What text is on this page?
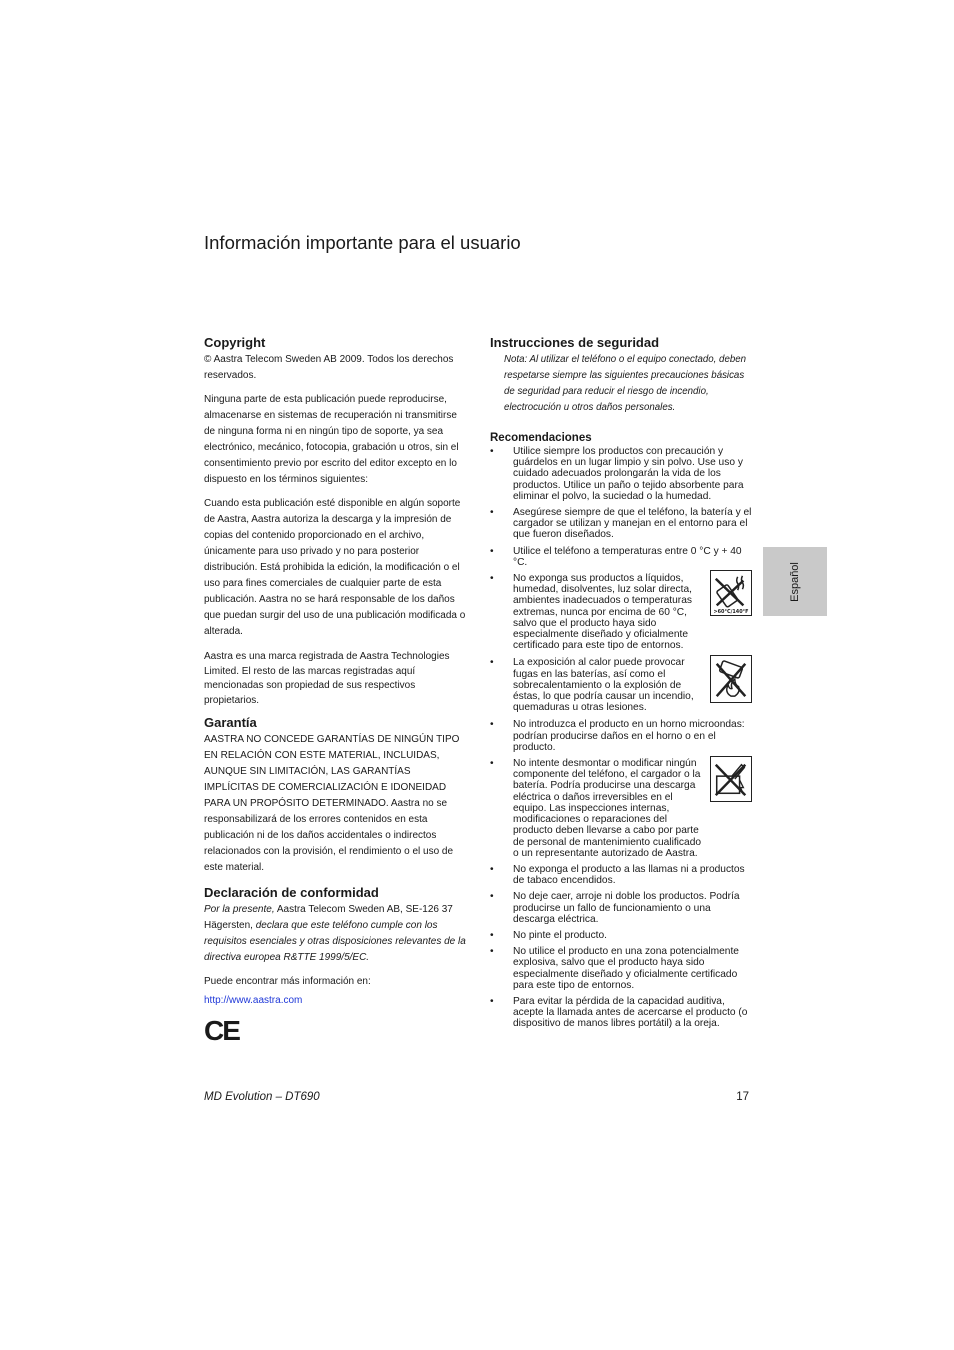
Información importante para el usuario
Español
Copyright

© Aastra Telecom Sweden AB 2009. Todos los derechos reservados.

Ninguna parte de esta publicación puede reproducirse, almacenarse en sistemas de recuperación ni transmitirse de ninguna forma ni en ningún tipo de soporte, ya sea electrónico, mecánico, fotocopia, grabación u otros, sin el consentimiento previo por escrito del editor excepto en lo dispuesto en los términos siguientes:

Cuando esta publicación esté disponible en algún soporte de Aastra, Aastra autoriza la descarga y la impresión de copias del contenido proporcionado en el archivo, únicamente para uso privado y no para posterior distribución. Está prohibida la edición, la modificación o el uso para fines comerciales de cualquier parte de esta publicación. Aastra no se hará responsable de los daños que puedan surgir del uso de una publicación modificada o alterada.

Aastra es una marca registrada de Aastra Technologies Limited. El resto de las marcas registradas aquí mencionadas son propiedad de sus respectivos propietarios.

Garantía

AASTRA NO CONCEDE GARANTÍAS DE NINGÚN TIPO EN RELACIÓN CON ESTE MATERIAL, INCLUIDAS, AUNQUE SIN LIMITACIÓN, LAS GARANTÍAS IMPLÍCITAS DE COMERCIALIZACIÓN E IDONEIDAD PARA UN PROPÓSITO DETERMINADO. Aastra no se responsabilizará de los errores contenidos en esta publicación ni de los daños accidentales o indirectos relacionados con la provisión, el rendimiento o el uso de este material.

Declaración de conformidad

Por la presente, Aastra Telecom Sweden AB, SE-126 37 Hägersten, declara que este teléfono cumple con los requisitos esenciales y otras disposiciones relevantes de la directiva europea R&TTE 1999/5/EC.

Puede encontrar más información en:

http://www.aastra.com
CE
Instrucciones de seguridad

Nota: Al utilizar el teléfono o el equipo conectado, deben respetarse siempre las siguientes precauciones básicas de seguridad para reducir el riesgo de incendio, electrocución u otros daños personales.

Recomendaciones
• Utilice siempre los productos con precaución y guárdelos en un lugar limpio y sin polvo. Use uso y cuidado adecuados prolongarán la vida de los productos. Utilice un paño o tejido absorbente para eliminar el polvo, la suciedad o la humedad.
• Asegúrese siempre de que el teléfono, la batería y el cargador se utilizan y manejan en el entorno para el que fueron diseñados.
• Utilice el teléfono a temperaturas entre 0 °C y + 40 °C.
• No exponga sus productos a líquidos, humedad, disolventes, luz solar directa, ambientes inadecuados o temperaturas extremas, nunca por encima de 60 °C, salvo que el producto haya sido especialmente diseñado y oficialmente certificado para este tipo de entornos.
>60°C/140°F
• La exposición al calor puede provocar fugas en las baterías, así como el sobrecalentamiento o la explosión de éstas, lo que podría causar un incendio, quemaduras u otras lesiones.
• No introduzca el producto en un horno microondas: podrían producirse daños en el horno o en el producto.
• No intente desmontar o modificar ningún componente del teléfono, el cargador o la batería. Podría producirse una descarga eléctrica o daños irreversibles en el equipo. Las inspecciones internas, modificaciones o reparaciones del producto deben llevarse a cabo por parte de personal de mantenimiento cualificado o un representante autorizado de Aastra.
• No exponga el producto a las llamas ni a productos de tabaco encendidos.
• No deje caer, arroje ni doble los productos. Podría producirse un fallo de funcionamiento o una descarga eléctrica.
• No pinte el producto.
• No utilice el producto en una zona potencialmente explosiva, salvo que el producto haya sido especialmente diseñado y oficialmente certificado para este tipo de entornos.
• Para evitar la pérdida de la capacidad auditiva, acepte la llamada antes de acercarse el producto (o dispositivo de manos libres portátil) a la oreja.
MD Evolution – DT690	17
